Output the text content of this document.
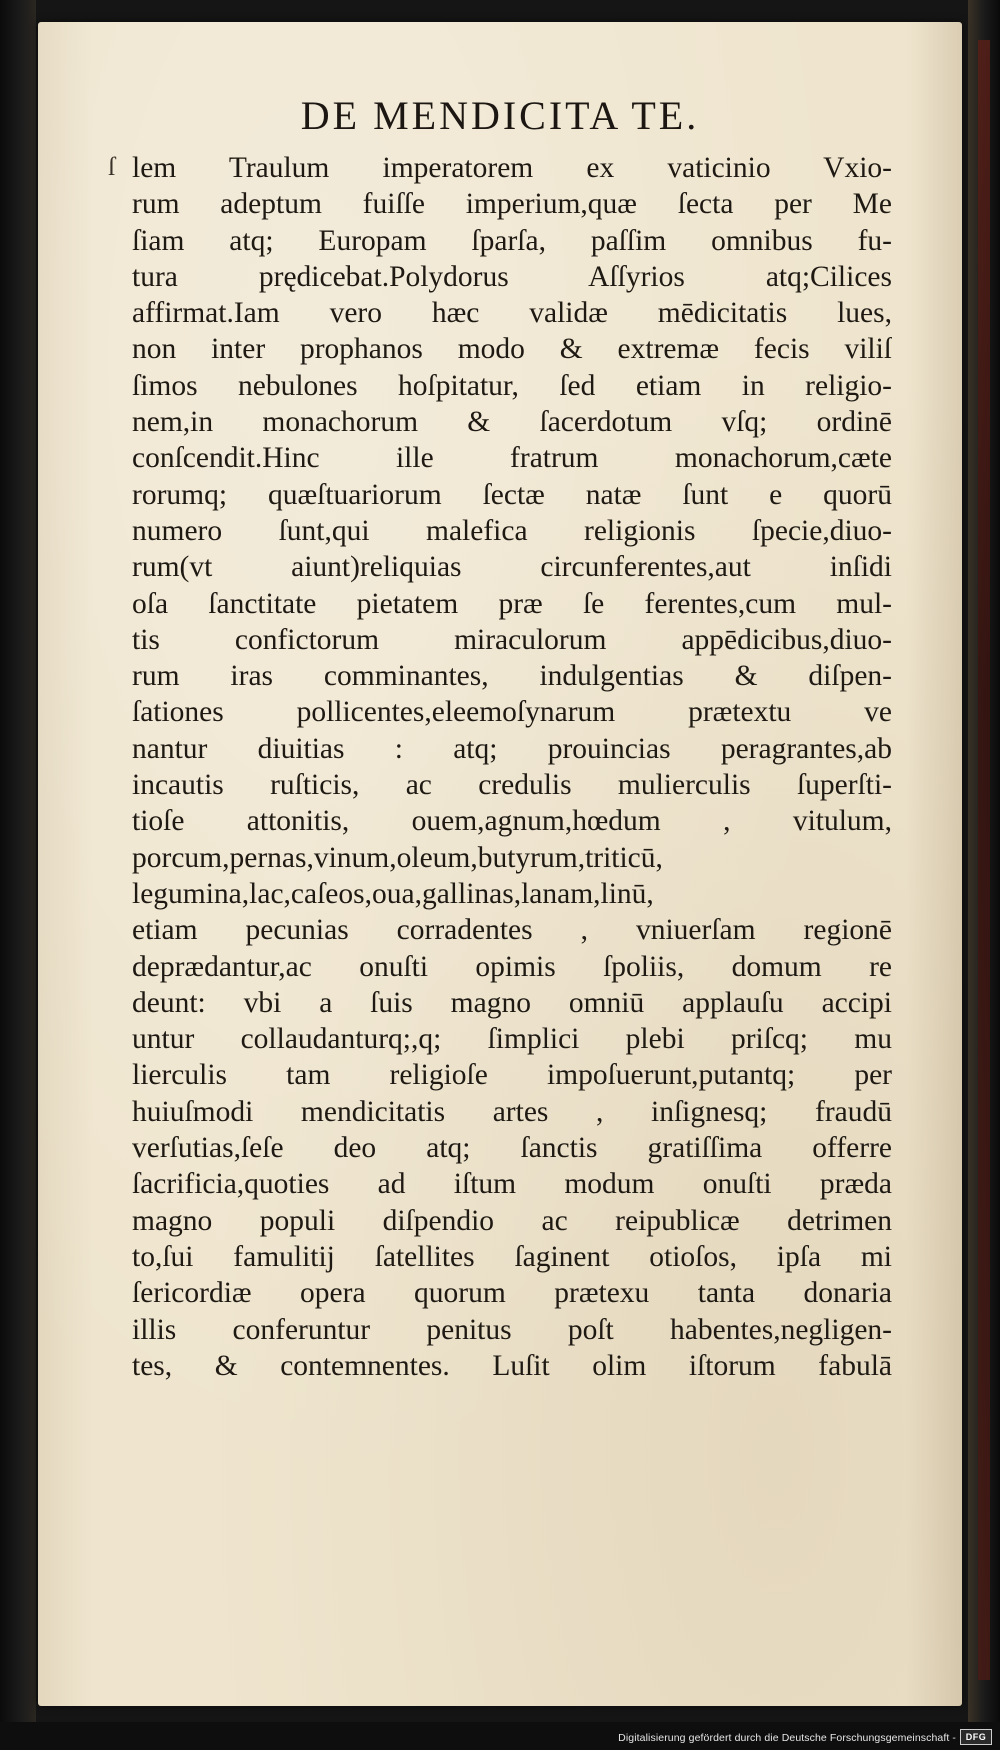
DE MENDICITA TE.
ſ lem Traulum imperatorem ex vaticinio Vxio-
rum adeptum fuiſſe imperium,quæ ſecta per Me
ſiam atq; Europam ſparſa, paſſim omnibus fu-
tura prędicebat.Polydorus Aſſyrios atq;Cilices
affirmat.Iam vero hæc validæ mēdicitatis lues,
non inter prophanos modo & extremæ fecis viliſ
ſimos nebulones hoſpitatur, ſed etiam in religio-
nem,in monachorum & ſacerdotum vſq; ordinē
conſcendit.Hinc ille fratrum monachorum,cæte
rorumq; quæſtuariorum ſectæ natæ ſunt e quorū
numero ſunt,qui malefica religionis ſpecie,diuo-
rum(vt aiunt)reliquias circunferentes,aut inſidi
oſa ſanctitate pietatem præ ſe ferentes,cum mul-
tis confictorum miraculorum appēdicibus,diuo-
rum iras comminantes, indulgentias & diſpen-
ſationes pollicentes,eleemoſynarum prætextu ve
nantur diuitias : atq; prouincias peragrantes,ab
incautis ruſticis, ac credulis mulierculis ſuperſti-
tioſe attonitis, ouem,agnum,hœdum , vitulum,
porcum,pernas,vinum,oleum,butyrum,triticū,
legumina,lac,caſeos,oua,gallinas,lanam,linū,
etiam pecunias corradentes , vniuerſam regionē
deprædantur,ac onuſti opimis ſpoliis, domum re
deunt: vbi a ſuis magno omniū applauſu accipi
untur collaudanturq;,q; ſimplici plebi priſcq; mu
lierculis tam religioſe impoſuerunt,putantq; per
huiuſmodi mendicitatis artes , inſignesq; fraudū
verſutias,ſeſe deo atq; ſanctis gratiſſima offerre
ſacrificia,quoties ad iſtum modum onuſti præda
magno populi diſpendio ac reipublicæ detrimen
to,ſui famulitij ſatellites ſaginent otioſos, ipſa mi
ſericordiæ opera quorum prætexu tanta donaria
illis conferuntur penitus poſt habentes,negligen-
tes, & contemnentes. Luſit olim iſtorum fabulā
Digitalisierung gefördert durch die Deutsche Forschungsgemeinschaft -	DFG
